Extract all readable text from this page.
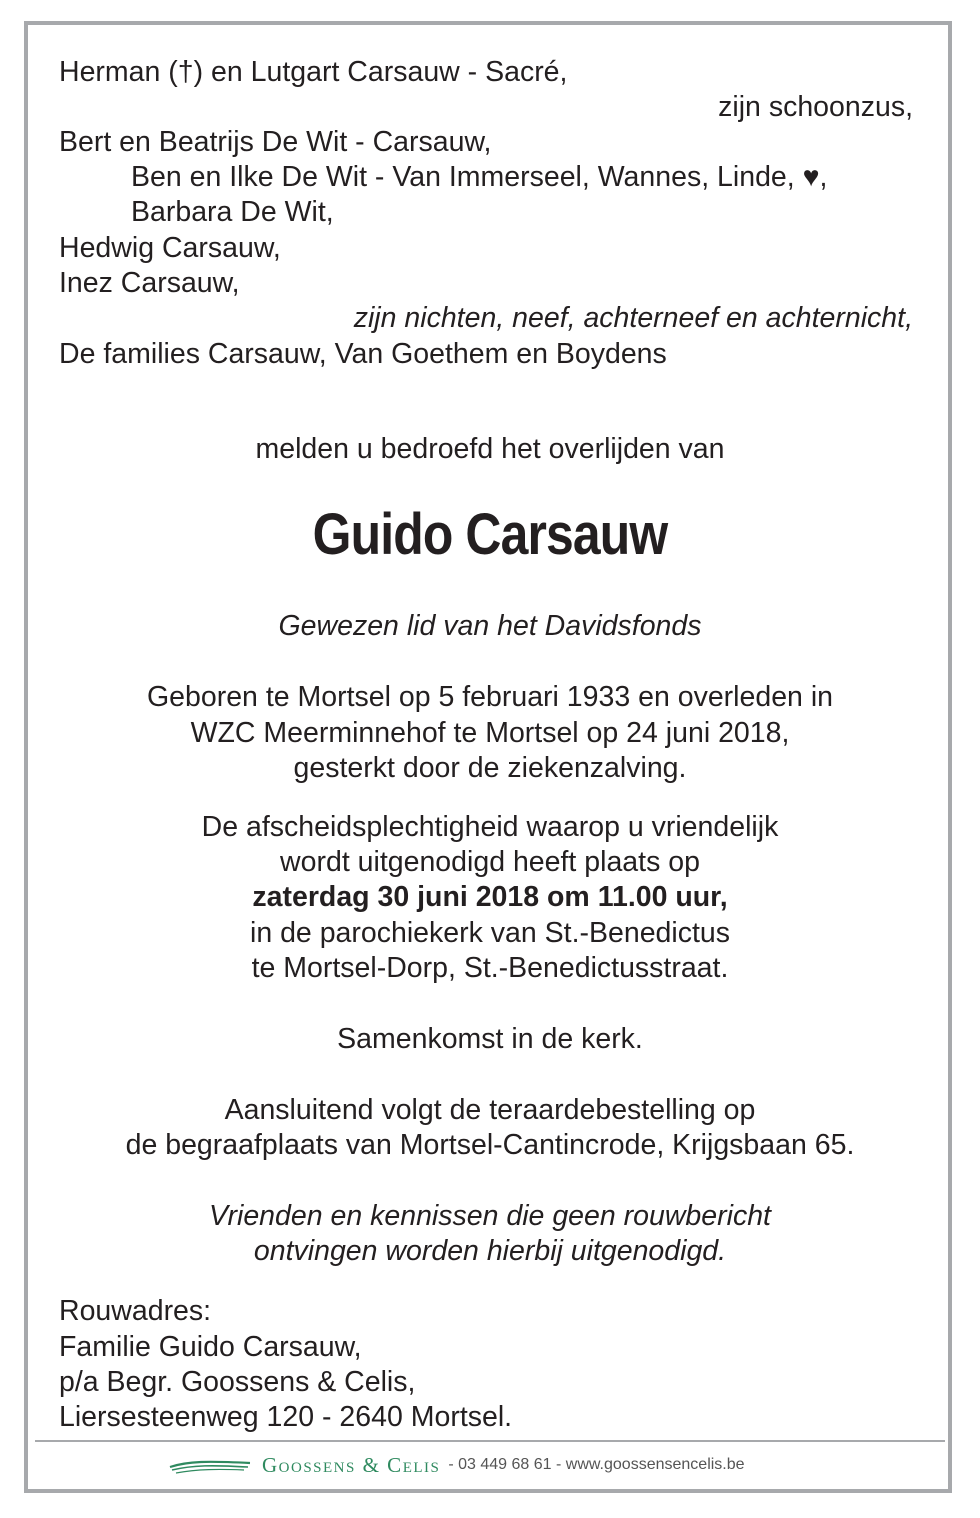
Herman (†) en Lutgart Carsauw - Sacré,
zijn schoonzus,
Bert en Beatrijs De Wit - Carsauw,
Ben en Ilke De Wit - Van Immerseel, Wannes, Linde, ♥,
Barbara De Wit,
Hedwig Carsauw,
Inez Carsauw,
zijn nichten, neef, achterneef en achternicht,
De families Carsauw, Van Goethem en Boydens
melden u bedroefd het overlijden van
Guido Carsauw
Gewezen lid van het Davidsfonds
Geboren te Mortsel op 5 februari 1933 en overleden in
WZC Meerminnehof te Mortsel op 24 juni 2018,
gesterkt door de ziekenzalving.
De afscheidsplechtigheid waarop u vriendelijk
wordt uitgenodigd heeft plaats op
zaterdag 30 juni 2018 om 11.00 uur,
in de parochiekerk van St.-Benedictus
te Mortsel-Dorp, St.-Benedictusstraat.
Samenkomst in de kerk.
Aansluitend volgt de teraardebestelling op
de begraafplaats van Mortsel-Cantincrode, Krijgsbaan 65.
Vrienden en kennissen die geen rouwbericht
ontvingen worden hierbij uitgenodigd.
Rouwadres:
Familie Guido Carsauw,
p/a Begr. Goossens & Celis,
Liersesteenweg 120 - 2640 Mortsel.
Goossens & Celis - 03 449 68 61 - www.goossensencelis.be
